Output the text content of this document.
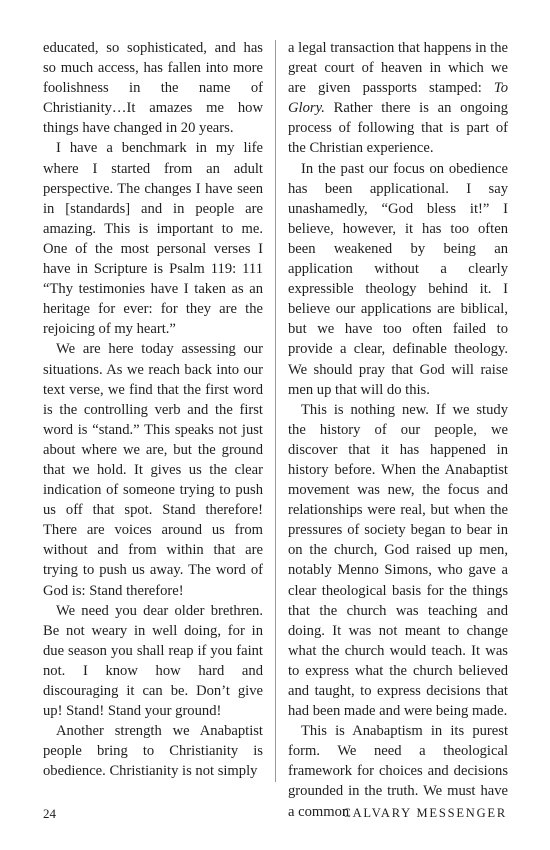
educated, so sophisticated, and has so much access, has fallen into more foolishness in the name of Christianity…It amazes me how things have changed in 20 years.

I have a benchmark in my life where I started from an adult perspective. The changes I have seen in [standards] and in people are amazing. This is important to me. One of the most personal verses I have in Scripture is Psalm 119: 111 “Thy testimonies have I taken as an heritage for ever: for they are the rejoicing of my heart.”

We are here today assessing our situations. As we reach back into our text verse, we find that the first word is the controlling verb and the first word is “stand.” This speaks not just about where we are, but the ground that we hold. It gives us the clear indication of someone trying to push us off that spot. Stand therefore! There are voices around us from without and from within that are trying to push us away. The word of God is: Stand therefore!

We need you dear older brethren. Be not weary in well doing, for in due season you shall reap if you faint not. I know how hard and discouraging it can be. Don’t give up! Stand! Stand your ground!

Another strength we Anabaptist people bring to Christianity is obedience. Christianity is not simply

a legal transaction that happens in the great court of heaven in which we are given passports stamped: To Glory. Rather there is an ongoing process of following that is part of the Christian experience.

In the past our focus on obedience has been applicational. I say unashamedly, “God bless it!” I believe, however, it has too often been weakened by being an application without a clearly expressible theology behind it. I believe our applications are biblical, but we have too often failed to provide a clear, definable theology. We should pray that God will raise men up that will do this.

This is nothing new. If we study the history of our people, we discover that it has happened in history before. When the Anabaptist movement was new, the focus and relationships were real, but when the pressures of society began to bear in on the church, God raised up men, notably Menno Simons, who gave a clear theological basis for the things that the church was teaching and doing. It was not meant to change what the church would teach. It was to express what the church believed and taught, to express decisions that had been made and were being made.

This is Anabaptism in its purest form. We need a theological framework for choices and decisions grounded in the truth. We must have a common

24	CALVARY MESSENGER
